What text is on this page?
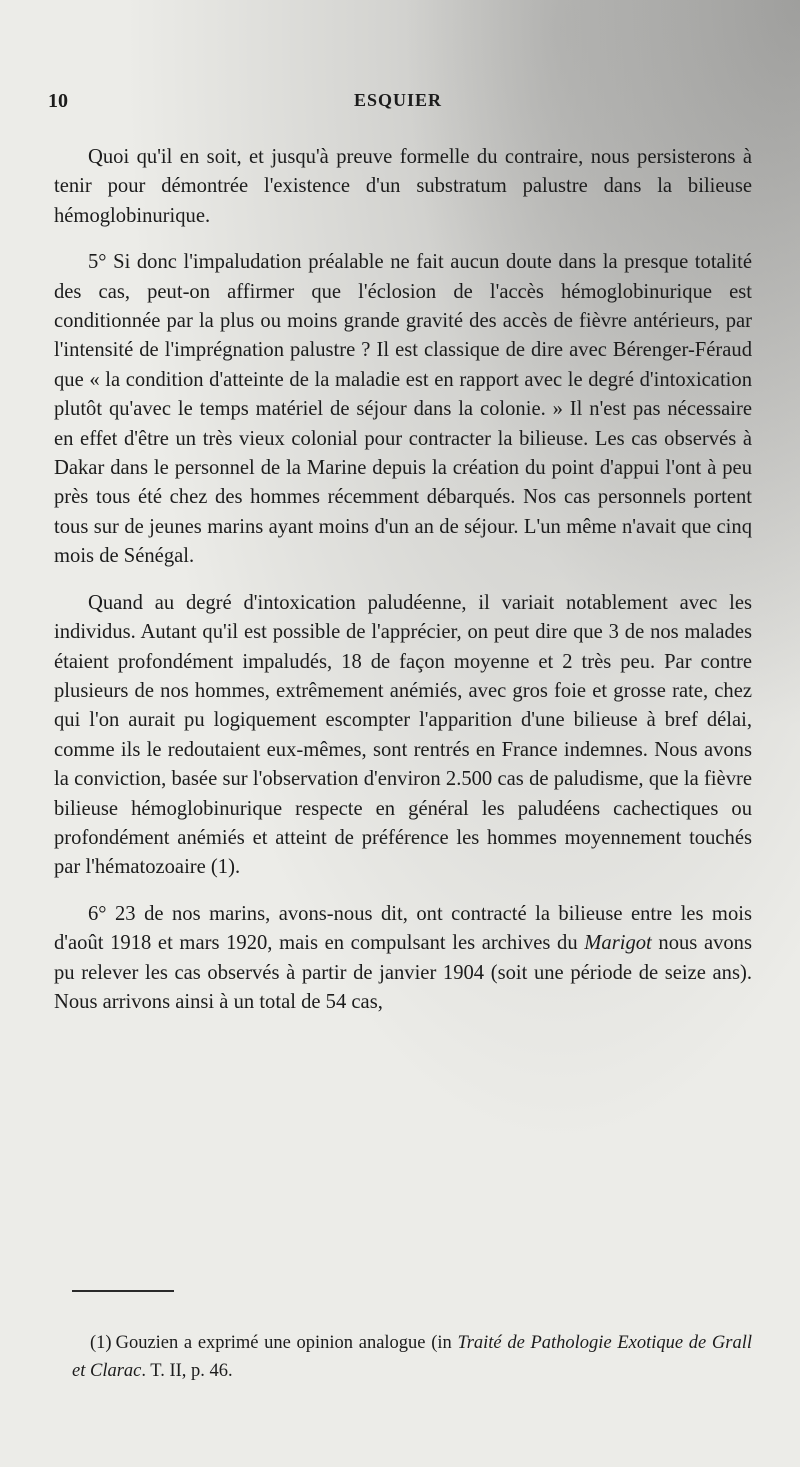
10	ESQUIER

Quoi qu'il en soit, et jusqu'à preuve formelle du contraire, nous persisterons à tenir pour démontrée l'existence d'un substratum palustre dans la bilieuse hémoglobinurique.

5° Si donc l'impaludation préalable ne fait aucun doute dans la presque totalité des cas, peut-on affirmer que l'éclosion de l'accès hémoglobinurique est conditionnée par la plus ou moins grande gravité des accès de fièvre antérieurs, par l'intensité de l'imprégnation palustre ? Il est classique de dire avec Bérenger-Féraud que « la condition d'atteinte de la maladie est en rapport avec le degré d'intoxication plutôt qu'avec le temps matériel de séjour dans la colonie. » Il n'est pas nécessaire en effet d'être un très vieux colonial pour contracter la bilieuse. Les cas observés à Dakar dans le personnel de la Marine depuis la création du point d'appui l'ont à peu près tous été chez des hommes récemment débarqués. Nos cas personnels portent tous sur de jeunes marins ayant moins d'un an de séjour. L'un même n'avait que cinq mois de Sénégal.

Quand au degré d'intoxication paludéenne, il variait notablement avec les individus. Autant qu'il est possible de l'apprécier, on peut dire que 3 de nos malades étaient profondément impaludés, 18 de façon moyenne et 2 très peu. Par contre plusieurs de nos hommes, extrêmement anémiés, avec gros foie et grosse rate, chez qui l'on aurait pu logiquement escompter l'apparition d'une bilieuse à bref délai, comme ils le redoutaient eux-mêmes, sont rentrés en France indemnes. Nous avons la conviction, basée sur l'observation d'environ 2.500 cas de paludisme, que la fièvre bilieuse hémoglobinurique respecte en général les paludéens cachectiques ou profondément anémiés et atteint de préférence les hommes moyennement touchés par l'hématozoaire (1).

6° 23 de nos marins, avons-nous dit, ont contracté la bilieuse entre les mois d'août 1918 et mars 1920, mais en compulsant les archives du Marigot nous avons pu relever les cas observés à partir de janvier 1904 (soit une période de seize ans). Nous arrivons ainsi à un total de 54 cas,

(1) Gouzien a exprimé une opinion analogue (in Traité de Pathologie Exotique de Grall et Clarac. T. II, p. 46.
